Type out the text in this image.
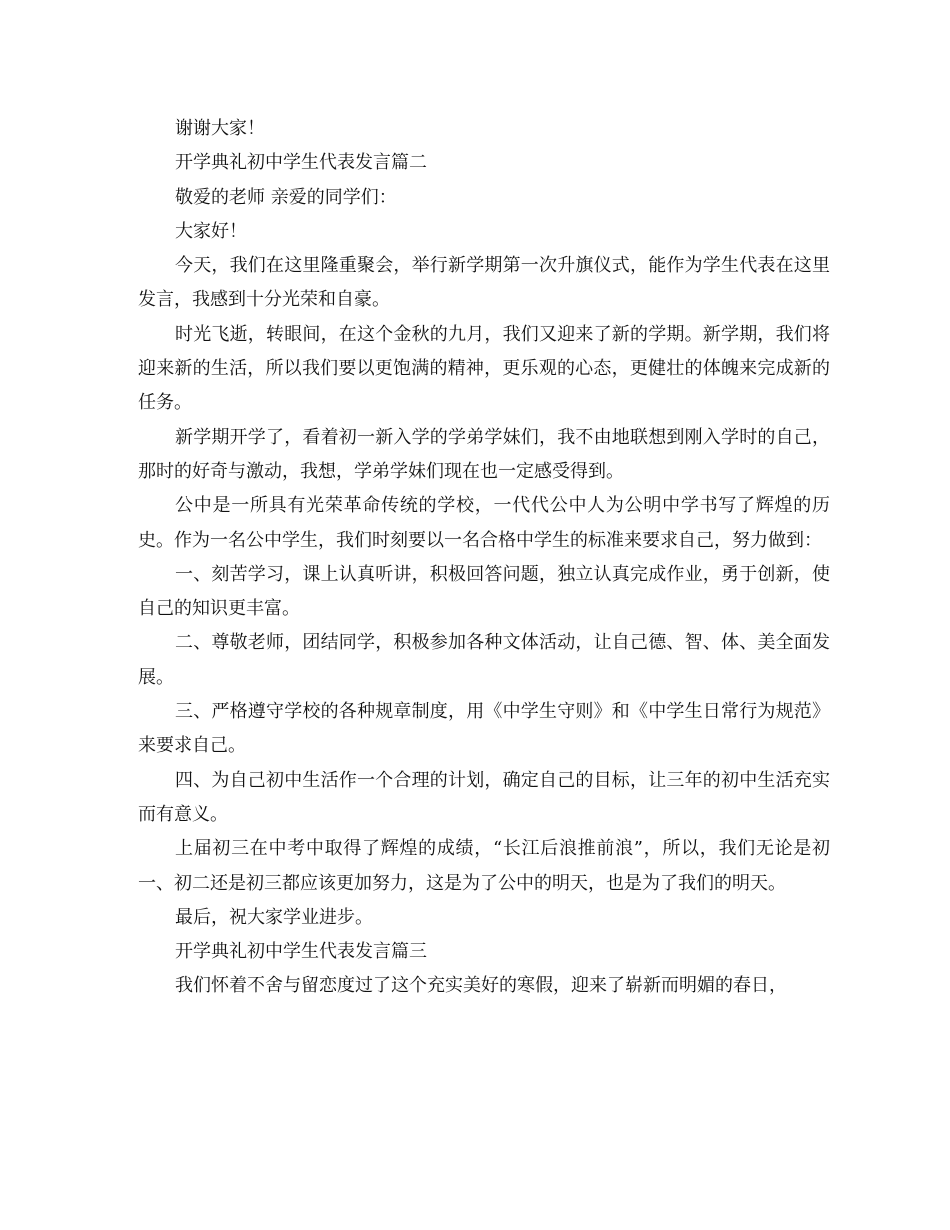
谢谢大家！

开学典礼初中学生代表发言篇二

敬爱的老师 亲爱的同学们：

大家好！

今天，我们在这里隆重聚会，举行新学期第一次升旗仪式，能作为学生代表在这里发言，我感到十分光荣和自豪。

时光飞逝，转眼间，在这个金秋的九月，我们又迎来了新的学期。新学期，我们将迎来新的生活，所以我们要以更饱满的精神，更乐观的心态，更健壮的体魄来完成新的任务。

新学期开学了，看着初一新入学的学弟学妹们，我不由地联想到刚入学时的自己，那时的好奇与激动，我想，学弟学妹们现在也一定感受得到。

公中是一所具有光荣革命传统的学校，一代代公中人为公明中学书写了辉煌的历史。作为一名公中学生，我们时刻要以一名合格中学生的标准来要求自己，努力做到：

一、刻苦学习，课上认真听讲，积极回答问题，独立认真完成作业，勇于创新，使自己的知识更丰富。

二、尊敬老师，团结同学，积极参加各种文体活动，让自己德、智、体、美全面发展。

三、严格遵守学校的各种规章制度，用《中学生守则》和《中学生日常行为规范》来要求自己。

四、为自己初中生活作一个合理的计划，确定自己的目标，让三年的初中生活充实而有意义。

上届初三在中考中取得了辉煌的成绩，“长江后浪推前浪”，所以，我们无论是初一、初二还是初三都应该更加努力，这是为了公中的明天，也是为了我们的明天。

最后，祝大家学业进步。

开学典礼初中学生代表发言篇三

我们怀着不舍与留恋度过了这个充实美好的寒假，迎来了崭新而明媚的春日，
